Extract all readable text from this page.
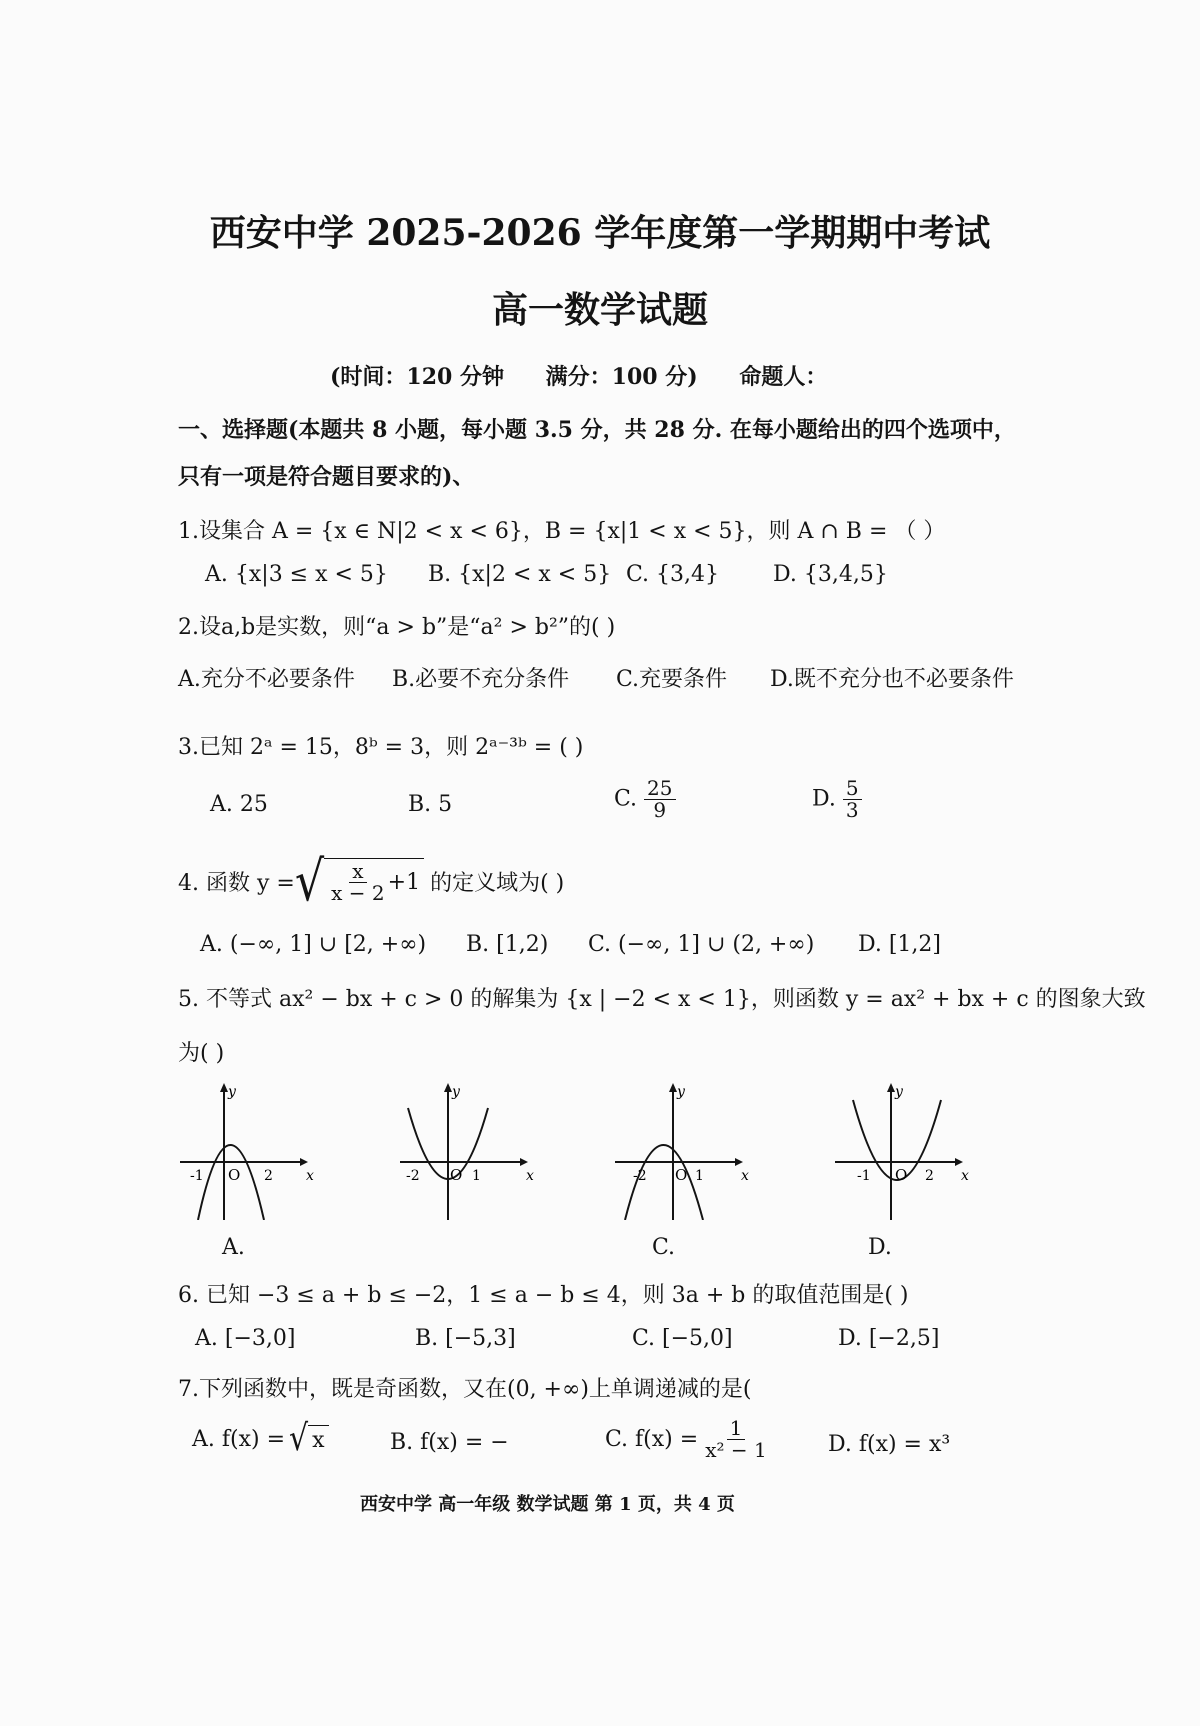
西安中学 2025-2026 学年度第一学期期中考试
高一数学试题
(时间：120 分钟 满分：100 分) 命题人：
一、选择题(本题共 8 小题，每小题 3.5 分，共 28 分. 在每小题给出的四个选项中，
只有一项是符合题目要求的)、
1.设集合 A = {x ∈ N|2 < x < 6}，B = {x|1 < x < 5}，则 A ∩ B = （ ）
A. {x|3 ≤ x < 5} B. {x|2 < x < 5} C. {3,4} D. {3,4,5}
2.设a,b是实数，则“a > b”是“a² > b²”的( )
A.充分不必要条件 B.必要不充分条件 C.充要条件 D.既不充分也不必要条件
3.已知 2ᵃ = 15，8ᵇ = 3，则 2ᵃ⁻³ᵇ = ( )
A. 25	B. 5	C. $\frac{25}{9}$	D. $\frac{5}{3}$
4. 函数 y = √ $\frac{x}{x - 2} +1$ 的定义域为( )
A. (−∞, 1] ∪ [2, +∞) B. [1,2) C. (−∞, 1] ∪ (2, +∞) D. [1,2]
5. 不等式 ax² − bx + c > 0 的解集为 {x | −2 < x < 1}，则函数 y = ax² + bx + c 的图象大致
为( )
y
x
O
-1	2
y
x
O
-2	1
y
x
O
-2	1
y
x
O
-1	2
A.	C.	D.
6. 已知 −3 ≤ a + b ≤ −2，1 ≤ a − b ≤ 4，则 3a + b 的取值范围是( )
A. [−3,0]	B. [−5,3]	C. [−5,0]	D. [−2,5]
7.下列函数中，既是奇函数，又在(0, +∞)上单调递减的是(
A. f(x) = √ x	B. f(x) = −	C. $f(x) = \frac{1}{\text{x² − 1}}$	D. f(x) = x³
西安中学 高一年级 数学试题 第 1 页，共 4 页
